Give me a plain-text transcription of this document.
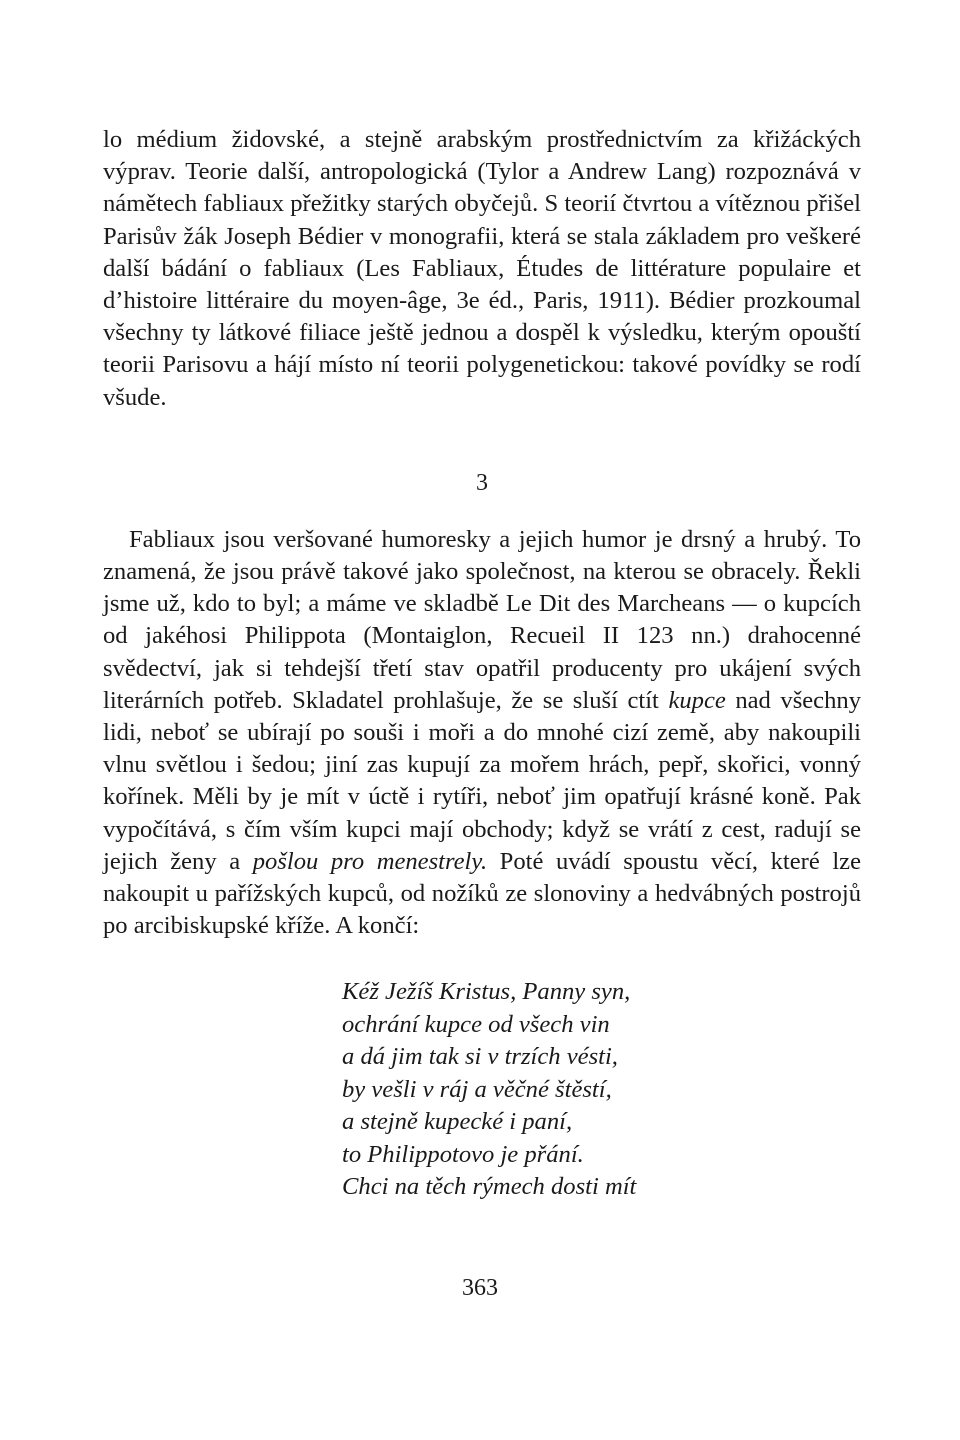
lo médium židovské, a stejně arabským prostřednictvím za křižáckých výprav. Teorie další, antropologická (Tylor a Andrew Lang) rozpoznává v námětech fabliaux přežitky starých obyčejů. S teorií čtvrtou a vítěznou přišel Parisův žák Joseph Bédier v monografii, která se stala základem pro veškeré další bádání o fabliaux (Les Fabliaux, Études de littérature populaire et d’histoire littéraire du moyen-âge, 3e éd., Paris, 1911). Bédier prozkoumal všechny ty látkové filiace ještě jednou a dospěl k výsledku, kterým opouští teorii Parisovu a hájí místo ní teorii polygenetickou: takové povídky se rodí všude.

3

Fabliaux jsou veršované humoresky a jejich humor je drsný a hrubý. To znamená, že jsou právě takové jako společnost, na kterou se obracely. Řekli jsme už, kdo to byl; a máme ve skladbě Le Dit des Marcheans — o kupcích od jakéhosi Philippota (Montaiglon, Recueil II 123 nn.) drahocenné svědectví, jak si tehdejší třetí stav opatřil producenty pro ukájení svých literárních potřeb. Skladatel prohlašuje, že se sluší ctít kupce nad všechny lidi, neboť se ubírají po souši i moři a do mnohé cizí země, aby nakoupili vlnu světlou i šedou; jiní zas kupují za mořem hrách, pepř, skořici, vonný kořínek. Měli by je mít v úctě i rytíři, neboť jim opatřují krásné koně. Pak vypočítává, s čím vším kupci mají obchody; když se vrátí z cest, radují se jejich ženy a pošlou pro menestrely. Poté uvádí spoustu věcí, které lze nakoupit u pařížských kupců, od nožíků ze slonoviny a hedvábných postrojů po arcibiskupské kříže. A končí:

Kéž Ježíš Kristus, Panny syn,
ochrání kupce od všech vin
a dá jim tak si v trzích vésti,
by vešli v ráj a věčné štěstí,
a stejně kupecké i paní,
to Philippotovo je přání.
Chci na těch rýmech dosti mít
363
